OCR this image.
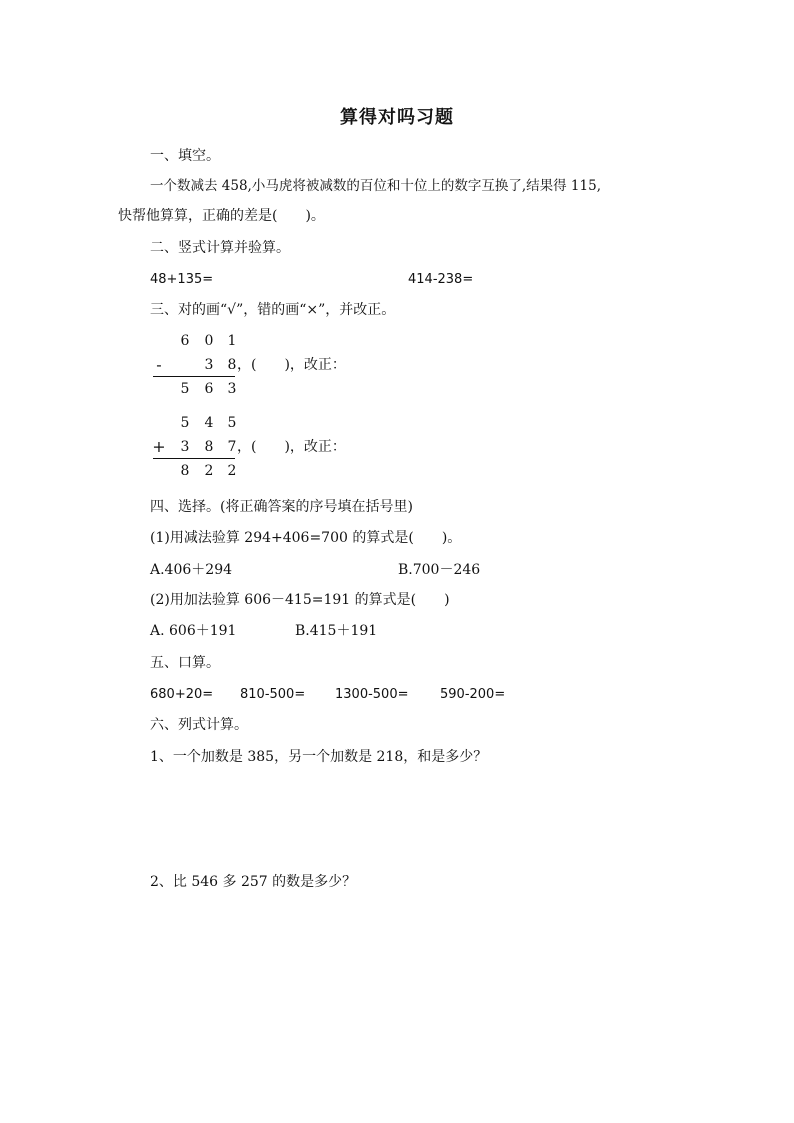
算得对吗习题
一、填空。
一个数减去 458,小马虎将被减数的百位和十位上的数字互换了,结果得 115,
快帮他算算，正确的差是(　　)。
二、竖式计算并验算。
48+135=	414-238=
三、对的画“√”，错的画“×”，并改正。
6	0	1
-	3	8 ，(　　)，改正：
5	6	3
5	4	5
+	3	8	7 ，(　　)，改正：
8	2	2
四、选择。(将正确答案的序号填在括号里)
(1)用减法验算 294+406=700 的算式是(　　)。
A.406＋294	B.700－246
(2)用加法验算 606－415=191 的算式是(　　)
A. 606＋191	B.415＋191
五、口算。
680+20= 810-500= 1300-500= 590-200=
六、列式计算。
1、一个加数是 385，另一个加数是 218，和是多少？
2、比 546 多 257 的数是多少？
